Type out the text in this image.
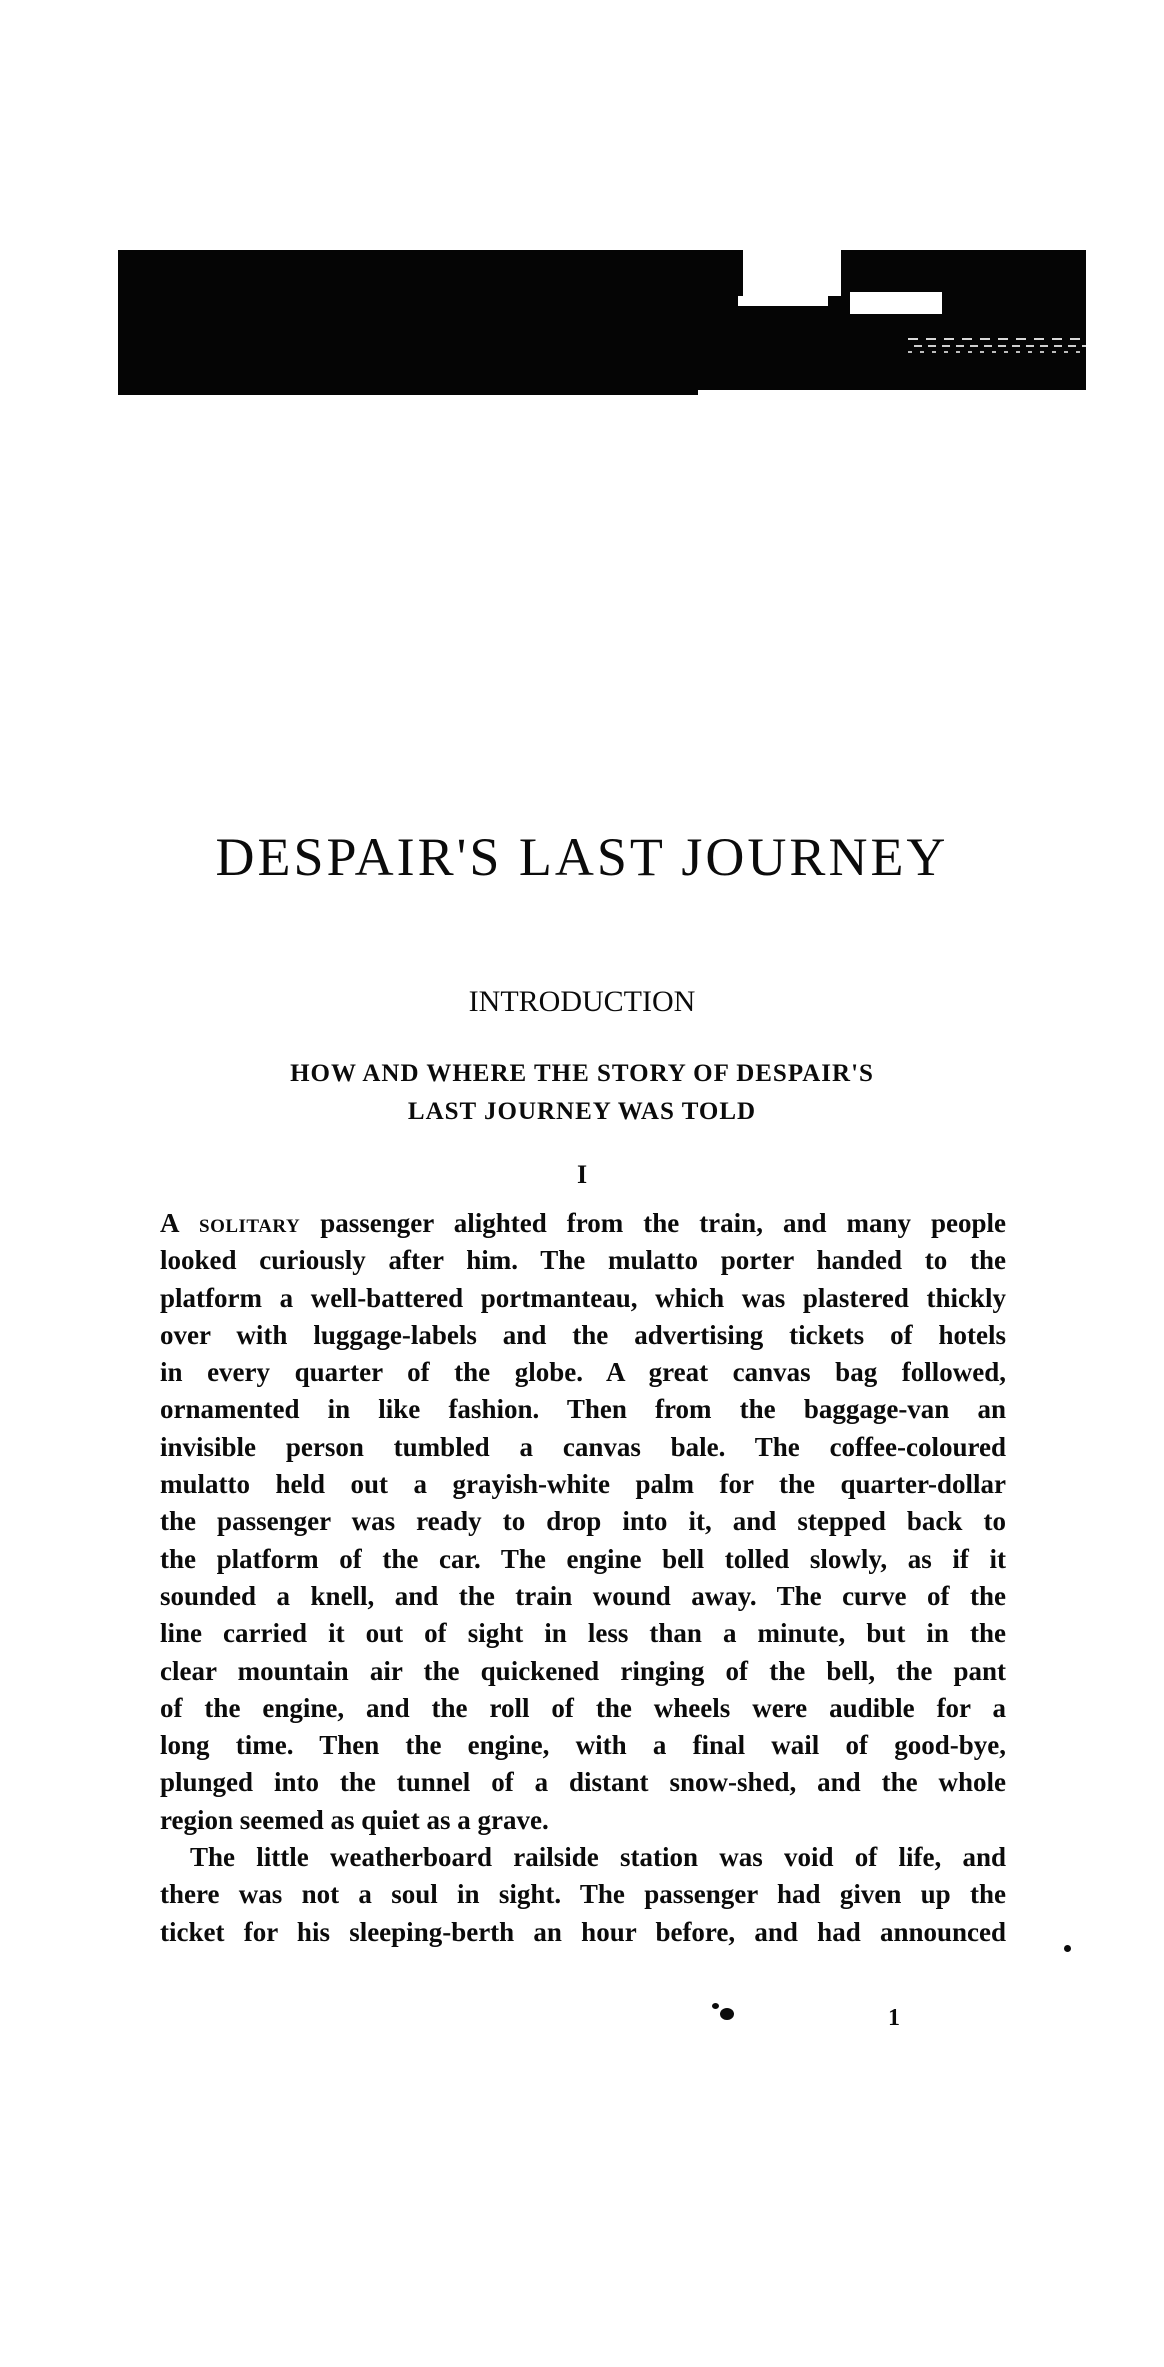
DESPAIR'S LAST JOURNEY
INTRODUCTION
HOW AND WHERE THE STORY OF DESPAIR'S
LAST JOURNEY WAS TOLD
I

A solitary passenger alighted from the train, and many people
looked curiously after him. The mulatto porter handed to the
platform a well-battered portmanteau, which was plastered thickly
over with luggage-labels and the advertising tickets of hotels
in every quarter of the globe. A great canvas bag followed,
ornamented in like fashion. Then from the baggage-van an
invisible person tumbled a canvas bale. The coffee-coloured
mulatto held out a grayish-white palm for the quarter-dollar
the passenger was ready to drop into it, and stepped back to
the platform of the car. The engine bell tolled slowly, as if it
sounded a knell, and the train wound away. The curve of the
line carried it out of sight in less than a minute, but in the
clear mountain air the quickened ringing of the bell, the pant
of the engine, and the roll of the wheels were audible for a
long time. Then the engine, with a final wail of good-bye,
plunged into the tunnel of a distant snow-shed, and the whole
region seemed as quiet as a grave.

The little weatherboard railside station was void of life, and
there was not a soul in sight. The passenger had given up the
ticket for his sleeping-berth an hour before, and had announced

1
